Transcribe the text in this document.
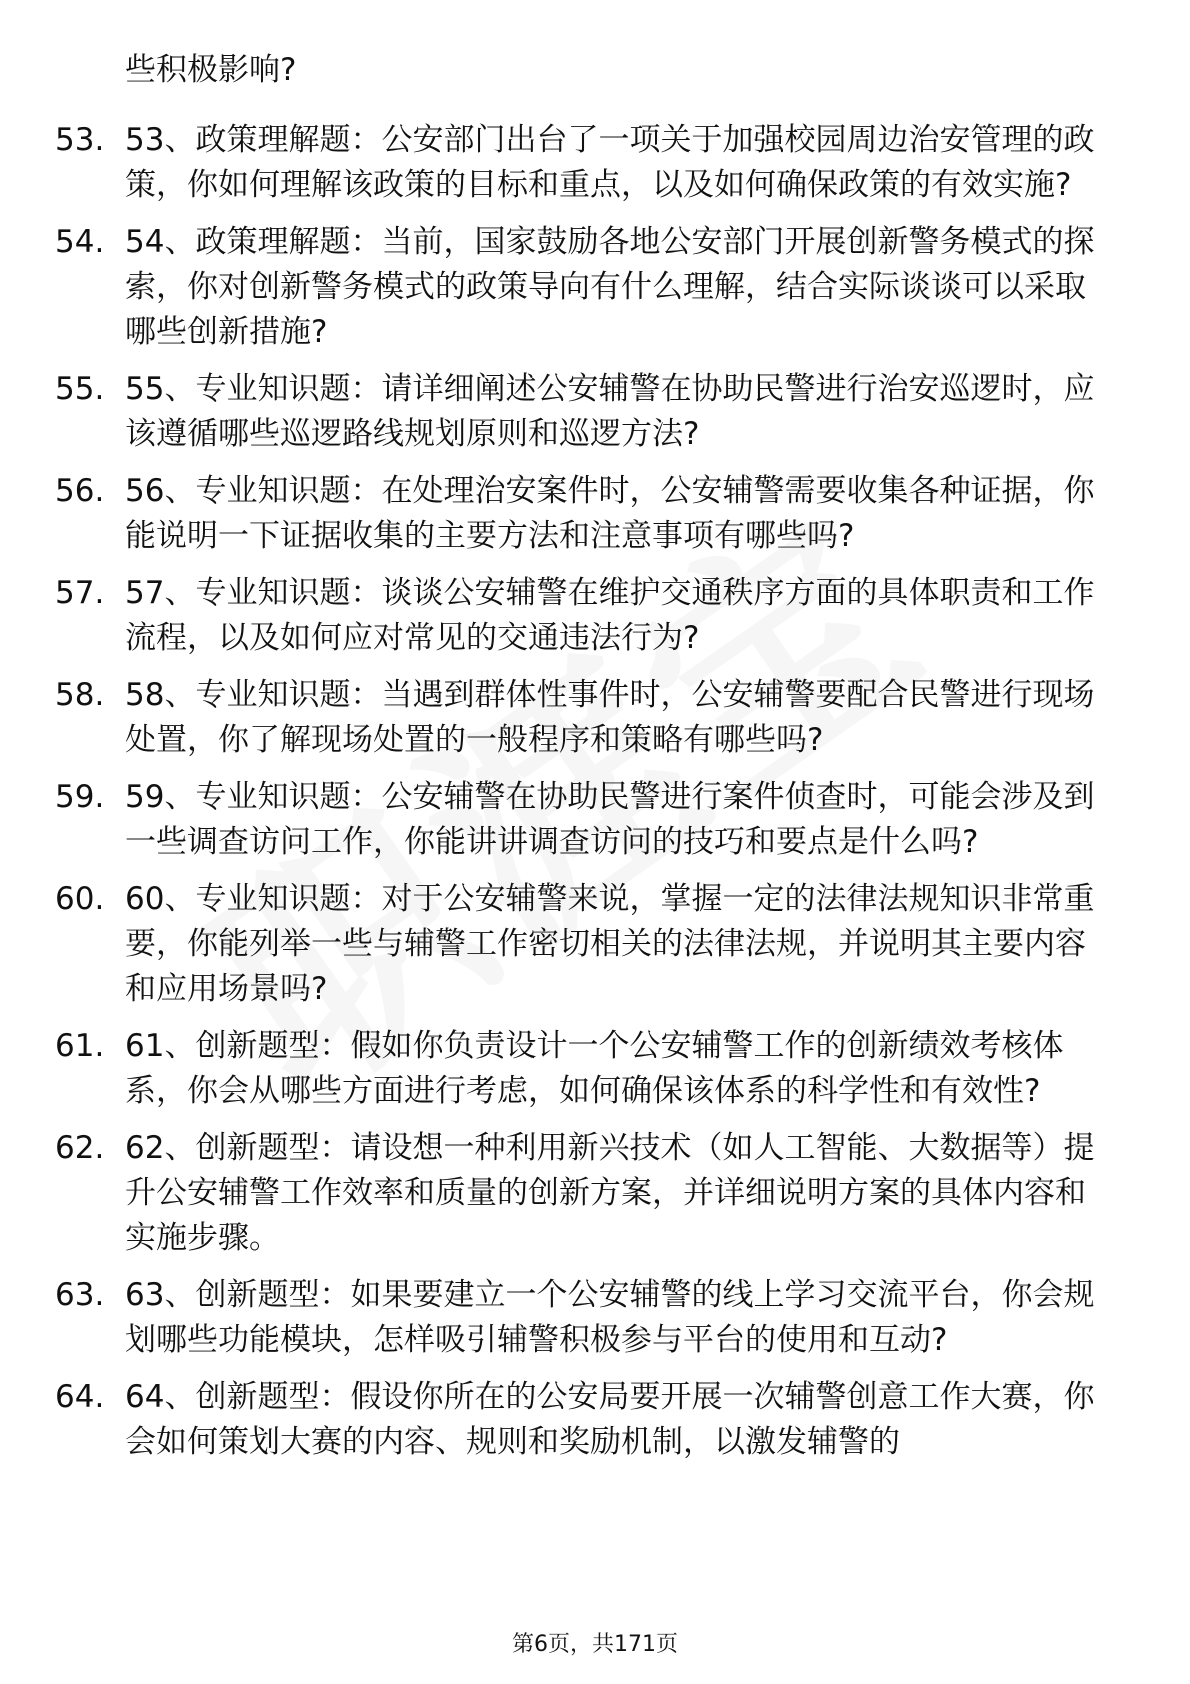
些积极影响?
53. 53、政策理解题：公安部门出台了一项关于加强校园周边治安管理的政策，你如何理解该政策的目标和重点，以及如何确保政策的有效实施?
54. 54、政策理解题：当前，国家鼓励各地公安部门开展创新警务模式的探索，你对创新警务模式的政策导向有什么理解，结合实际谈谈可以采取哪些创新措施?
55. 55、专业知识题：请详细阐述公安辅警在协助民警进行治安巡逻时，应该遵循哪些巡逻路线规划原则和巡逻方法?
56. 56、专业知识题：在处理治安案件时，公安辅警需要收集各种证据，你能说明一下证据收集的主要方法和注意事项有哪些吗?
57. 57、专业知识题：谈谈公安辅警在维护交通秩序方面的具体职责和工作流程，以及如何应对常见的交通违法行为?
58. 58、专业知识题：当遇到群体性事件时，公安辅警要配合民警进行现场处置，你了解现场处置的一般程序和策略有哪些吗?
59. 59、专业知识题：公安辅警在协助民警进行案件侦查时，可能会涉及到一些调查访问工作，你能讲讲调查访问的技巧和要点是什么吗?
60. 60、专业知识题：对于公安辅警来说，掌握一定的法律法规知识非常重要，你能列举一些与辅警工作密切相关的法律法规，并说明其主要内容和应用场景吗?
61. 61、创新题型：假如你负责设计一个公安辅警工作的创新绩效考核体系，你会从哪些方面进行考虑，如何确保该体系的科学性和有效性?
62. 62、创新题型：请设想一种利用新兴技术（如人工智能、大数据等）提升公安辅警工作效率和质量的创新方案，并详细说明方案的具体内容和实施步骤。
63. 63、创新题型：如果要建立一个公安辅警的线上学习交流平台，你会规划哪些功能模块，怎样吸引辅警积极参与平台的使用和互动?
64. 64、创新题型：假设你所在的公安局要开展一次辅警创意工作大赛，你会如何策划大赛的内容、规则和奖励机制，以激发辅警的
第6页，共171页
